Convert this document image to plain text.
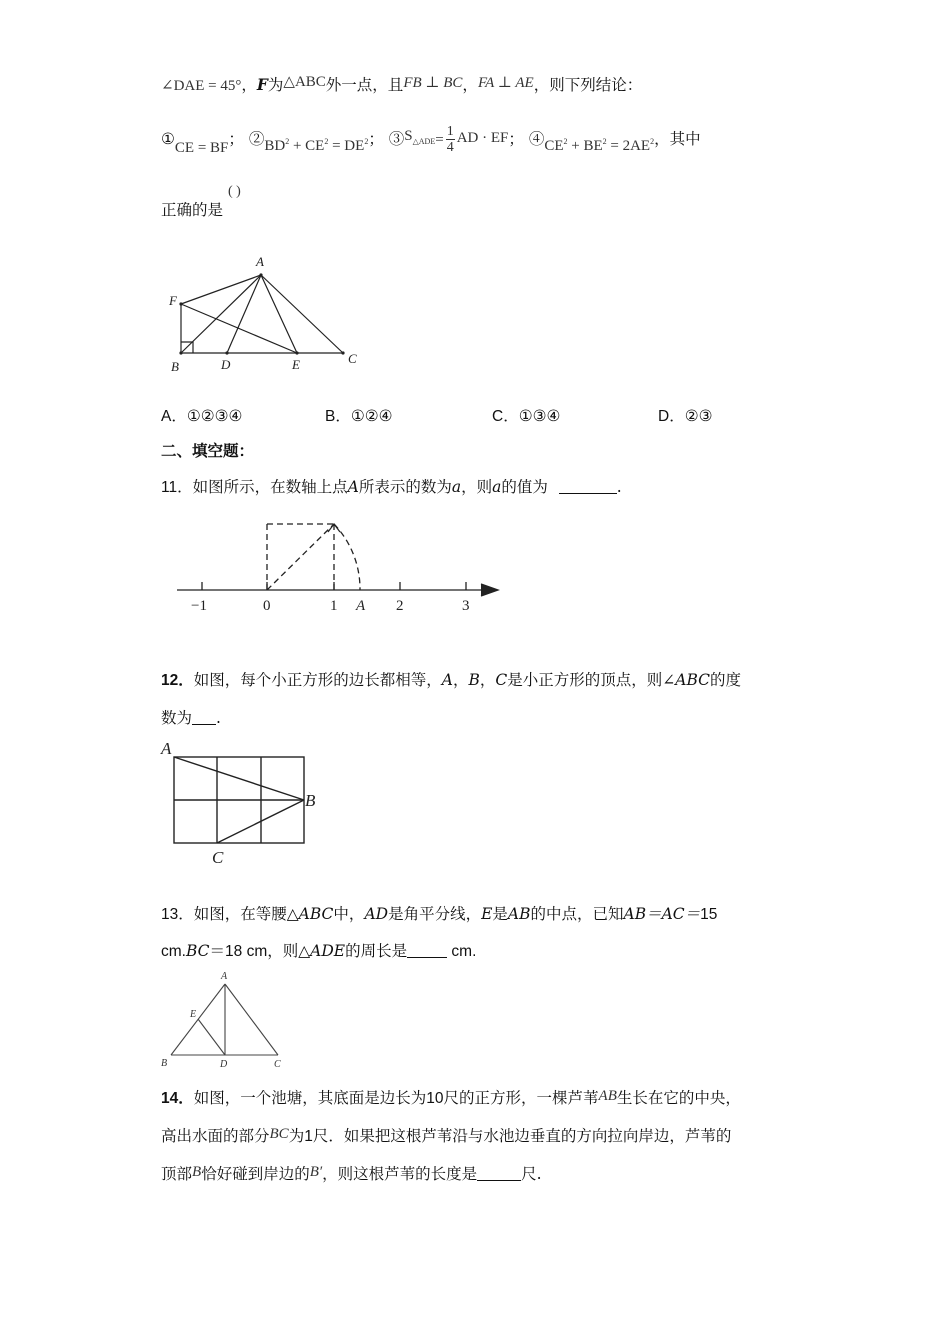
∠DAE = 45°，F为△ABC外一点，且FB ⊥ BC，FA ⊥ AE，则下列结论：
①CE = BF； $②BD^2 + CE^2 = DE^2$； ③S△ADE= $\frac{1}{4}$ AD · EF； $④CE^2 + BE^2 = 2AE^2$，其中
正确的是
( )
A
F
B	D	E	C
A．①②③④	B．①②④	C．①③④	D．②③
二、填空题：
11．如图所示，在数轴上点A所表示的数为a，则a的值为	.
−1	0	1 A 2	3
12．如图，每个小正方形的边长都相等，A，B，C是小正方形的顶点，则∠ABC的度
数为 .
A
B
C
13．如图，在等腰△ABC中，AD是角平分线，E是AB的中点，已知AB＝AC＝15
cm.BC＝18 cm，则△ADE的周长是	cm.
A
E
B	D	C
14．如图，一个池塘，其底面是边长为10尺的正方形，一棵芦苇AB生长在它的中央，
高出水面的部分BC为1尺．如果把这根芦苇沿与水池边垂直的方向拉向岸边，芦苇的
顶部B恰好碰到岸边的B′，则这根芦苇的长度是	尺.
